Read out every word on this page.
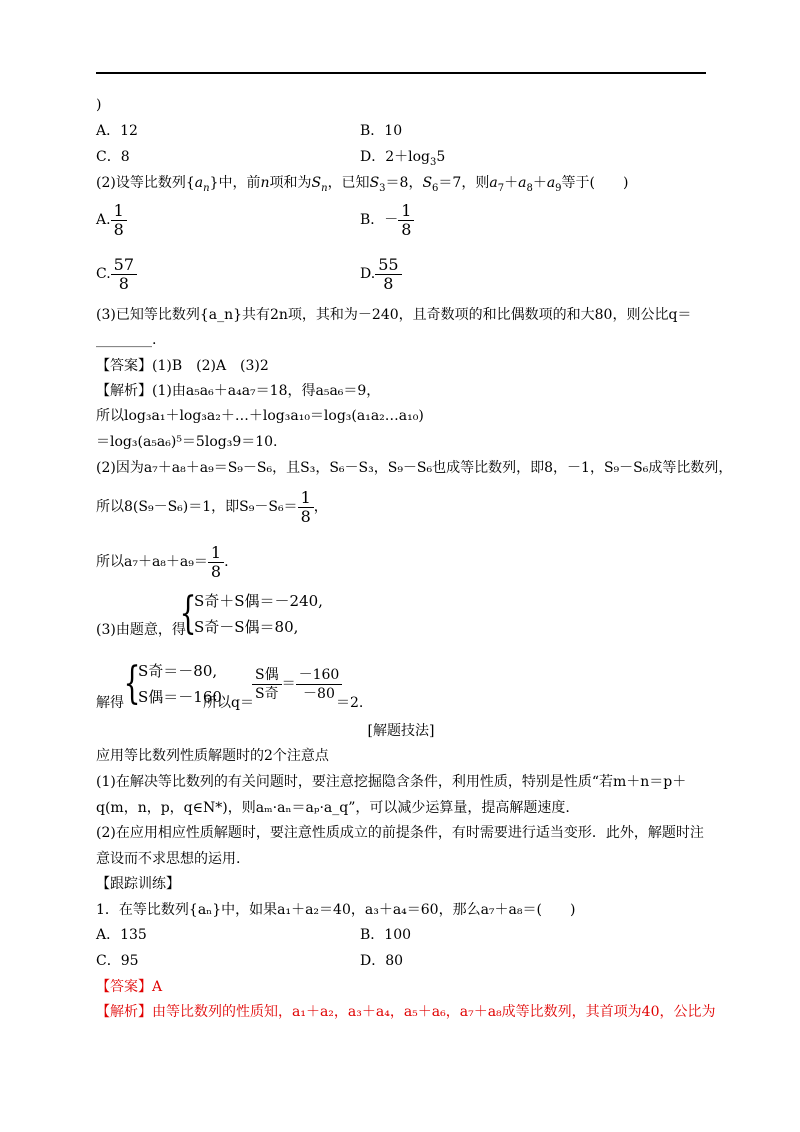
)
A．12	B．10
C．8	D．$2+\log_35$
(2)设等比数列$\{a_n\}$中，前n项和为$S_n$，已知$S_3=8$，$S_6=7$，则$a_7+a_8+a_9$等于(　　)
A. $\frac{1}{8}$	B．－ $\frac{1}{8}$
C. $\frac{57}{8}$	D. $\frac{55}{8}$
(3)已知等比数列{a_n}共有2n项，其和为－240，且奇数项的和比偶数项的和大80，则公比q＝
________.
【答案】(1)B　(2)A　(3)2
【解析】(1)由a₅a₆＋a₄a₇＝18，得a₅a₆＝9，
所以log₃a₁＋log₃a₂＋…＋log₃a₁₀＝log₃(a₁a₂…a₁₀)
＝log₃(a₅a₆)⁵＝5log₃9＝10.
(2)因为a₇＋a₈＋a₉＝S₉－S₆，且S₃，S₆－S₃，S₉－S₆也成等比数列，即8，－1，S₉－S₆成等比数列，
所以8(S₉－S₆)＝1，即$S_9-S_6= \frac{1}{8}$ ，
所以$a_7+a_8+a_9= \frac{1}{8}$ .
(3)由题意，得
{
S奇＋S偶＝－240,
S奇－S偶＝80,
解得 {
S奇＝－80,
S偶＝－160
所以q＝
$\frac{\text{S偶}}{\text{S奇}} = \frac{-160}{-80}$
＝2.
[解题技法]
应用等比数列性质解题时的2个注意点
(1)在解决等比数列的有关问题时，要注意挖掘隐含条件，利用性质，特别是性质“若m＋n＝p＋
q(m，n，p，q∈N*)，则aₘ·aₙ＝aₚ·a_q”，可以减少运算量，提高解题速度.
(2)在应用相应性质解题时，要注意性质成立的前提条件，有时需要进行适当变形．此外，解题时注
意设而不求思想的运用.
【跟踪训练】
1．在等比数列{aₙ}中，如果a₁＋a₂＝40，a₃＋a₄＝60，那么a₇＋a₈＝(　　)
A．135	B．100
C．95	D．80
【答案】A
【解析】由等比数列的性质知，a₁＋a₂，a₃＋a₄，a₅＋a₆，a₇＋a₈成等比数列，其首项为40，公比为
